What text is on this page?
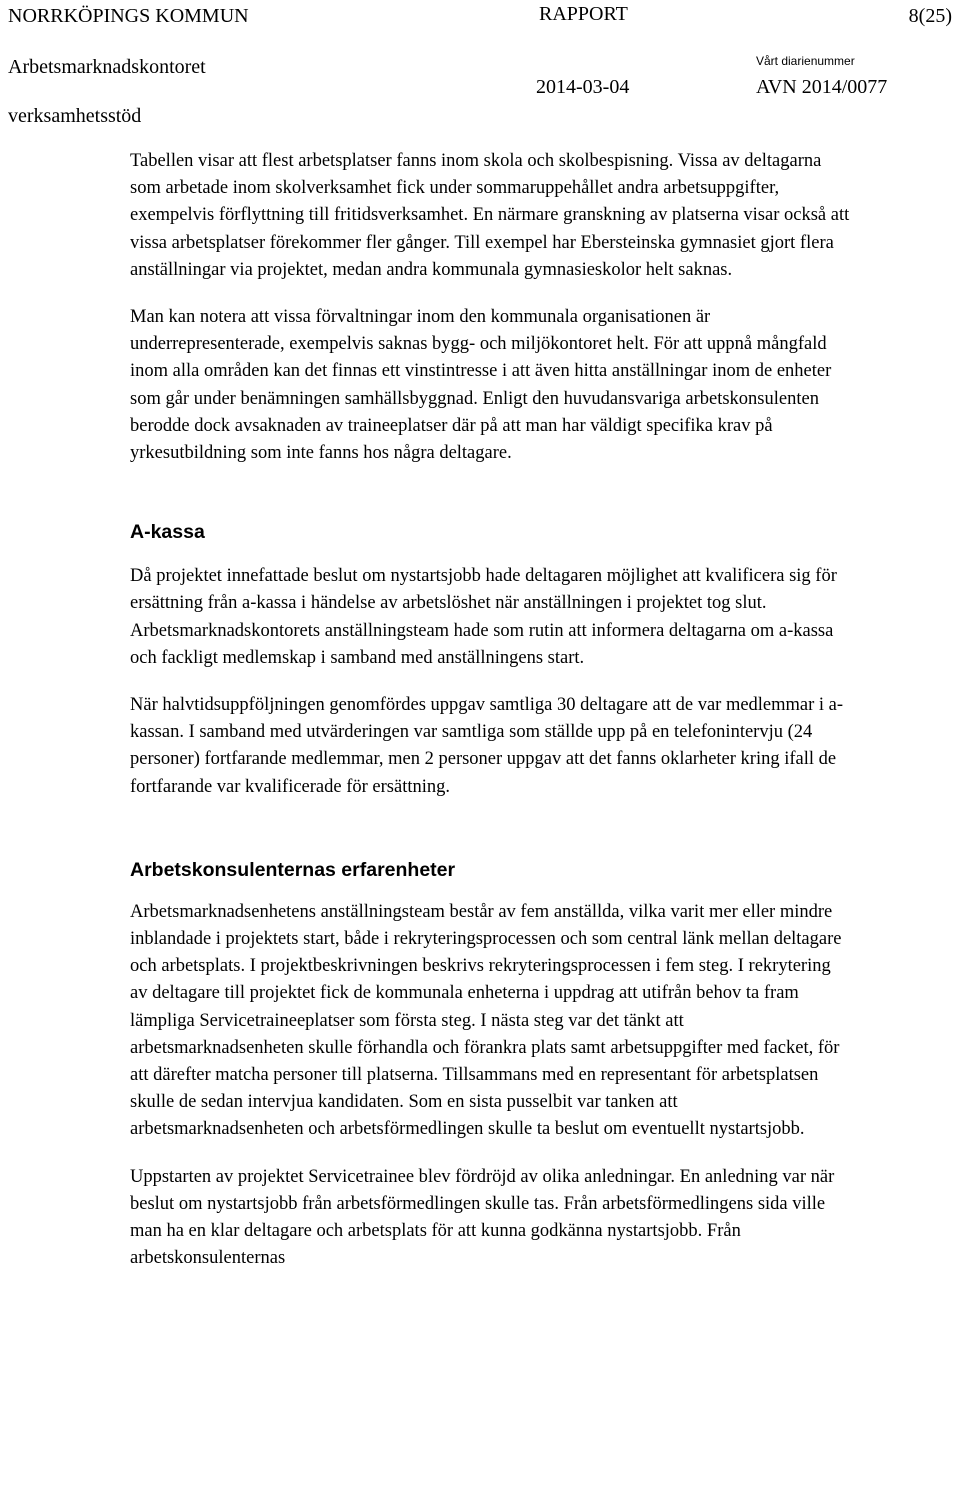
NORRKÖPINGS KOMMUN	RAPPORT	8(25)
Arbetsmarknadskontoret	Vårt diarienummer
2014-03-04	AVN 2014/0077
verksamhetsstöd

Tabellen visar att flest arbetsplatser fanns inom skola och skolbespisning. Vissa av deltagarna som arbetade inom skolverksamhet fick under sommaruppehållet andra arbetsuppgifter, exempelvis förflyttning till fritidsverksamhet. En närmare granskning av platserna visar också att vissa arbetsplatser förekommer fler gånger. Till exempel har Ebersteinska gymnasiet gjort flera anställningar via projektet, medan andra kommunala gymnasieskolor helt saknas.

Man kan notera att vissa förvaltningar inom den kommunala organisationen är underrepresenterade, exempelvis saknas bygg- och miljökontoret helt. För att uppnå mångfald inom alla områden kan det finnas ett vinstintresse i att även hitta anställningar inom de enheter som går under benämningen samhällsbyggnad. Enligt den huvudansvariga arbetskonsulenten berodde dock avsaknaden av traineeplatser där på att man har väldigt specifika krav på yrkesutbildning som inte fanns hos några deltagare.

A-kassa

Då projektet innefattade beslut om nystartsjobb hade deltagaren möjlighet att kvalificera sig för ersättning från a-kassa i händelse av arbetslöshet när anställningen i projektet tog slut. Arbetsmarknadskontorets anställningsteam hade som rutin att informera deltagarna om a-kassa och fackligt medlemskap i samband med anställningens start.

När halvtidsuppföljningen genomfördes uppgav samtliga 30 deltagare att de var medlemmar i a-kassan. I samband med utvärderingen var samtliga som ställde upp på en telefonintervju (24 personer) fortfarande medlemmar, men 2 personer uppgav att det fanns oklarheter kring ifall de fortfarande var kvalificerade för ersättning.

Arbetskonsulenternas erfarenheter

Arbetsmarknadsenhetens anställningsteam består av fem anställda, vilka varit mer eller mindre inblandade i projektets start, både i rekryteringsprocessen och som central länk mellan deltagare och arbetsplats. I projektbeskrivningen beskrivs rekryteringsprocessen i fem steg. I rekrytering av deltagare till projektet fick de kommunala enheterna i uppdrag att utifrån behov ta fram lämpliga Servicetraineeplatser som första steg. I nästa steg var det tänkt att arbetsmarknadsenheten skulle förhandla och förankra plats samt arbetsuppgifter med facket, för att därefter matcha personer till platserna. Tillsammans med en representant för arbetsplatsen skulle de sedan intervjua kandidaten. Som en sista pusselbit var tanken att arbetsmarknadsenheten och arbetsförmedlingen skulle ta beslut om eventuellt nystartsjobb.

Uppstarten av projektet Servicetrainee blev fördröjd av olika anledningar. En anledning var när beslut om nystartsjobb från arbetsförmedlingen skulle tas. Från arbetsförmedlingens sida ville man ha en klar deltagare och arbetsplats för att kunna godkänna nystartsjobb. Från arbetskonsulenternas
